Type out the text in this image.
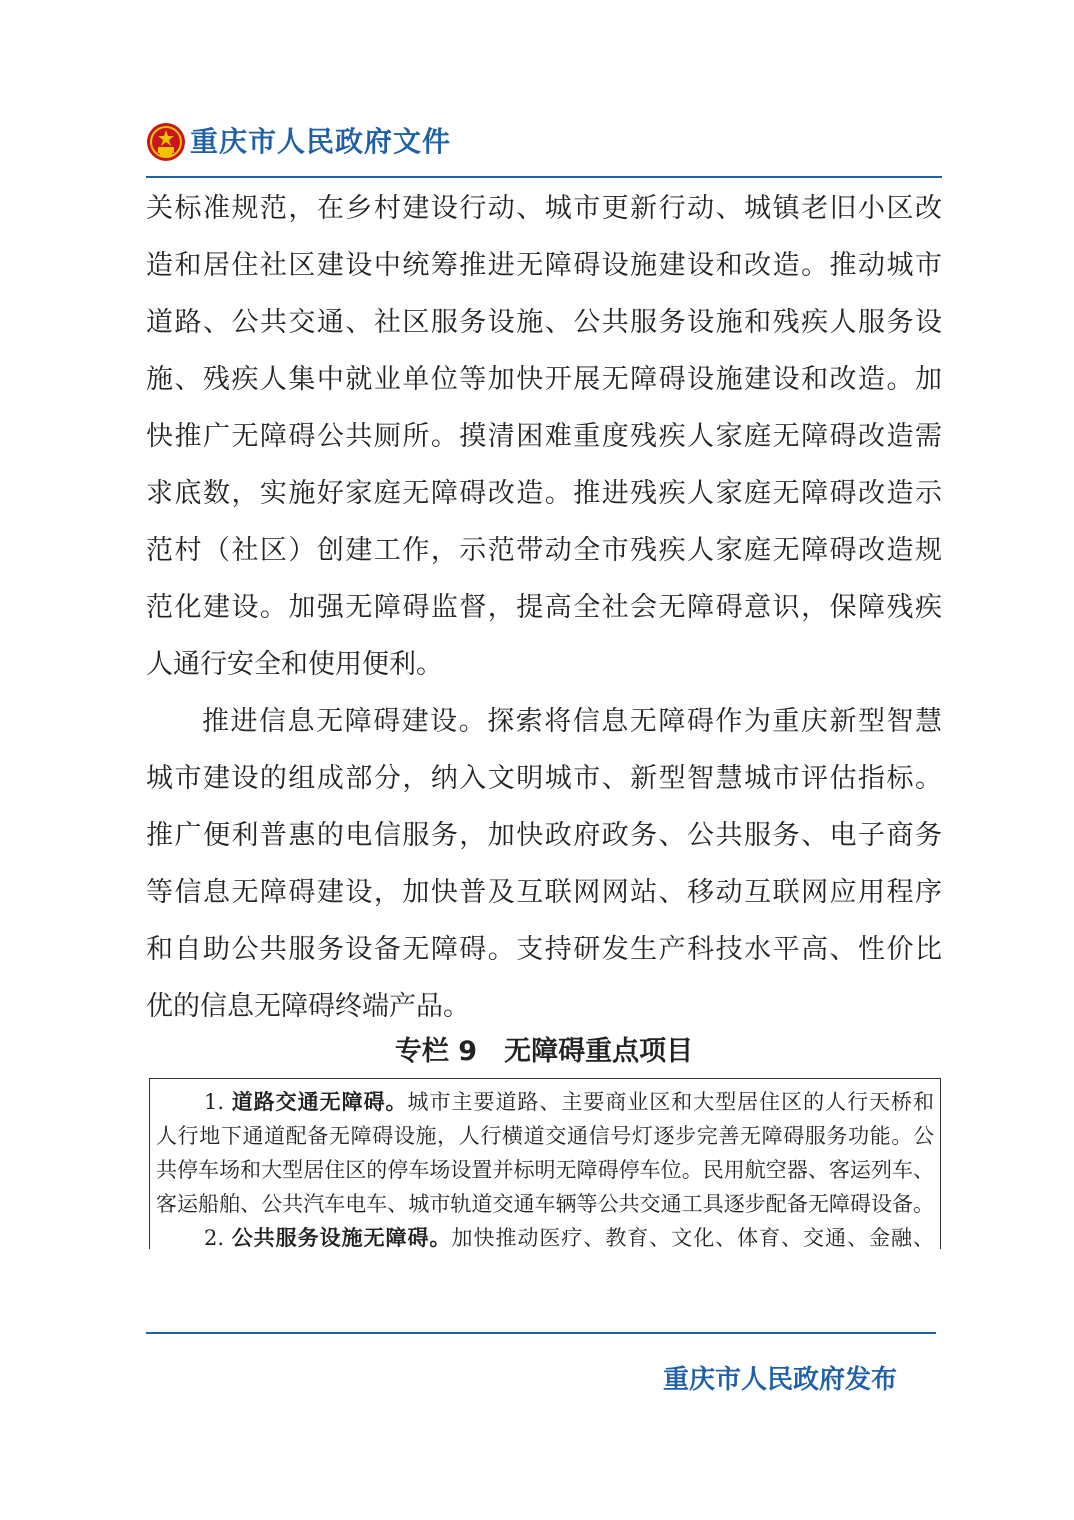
重庆市人民政府文件
关标准规范，在乡村建设行动、城市更新行动、城镇老旧小区改
造和居住社区建设中统筹推进无障碍设施建设和改造。推动城市
道路、公共交通、社区服务设施、公共服务设施和残疾人服务设
施、残疾人集中就业单位等加快开展无障碍设施建设和改造。加
快推广无障碍公共厕所。摸清困难重度残疾人家庭无障碍改造需
求底数，实施好家庭无障碍改造。推进残疾人家庭无障碍改造示
范村（社区）创建工作，示范带动全市残疾人家庭无障碍改造规
范化建设。加强无障碍监督，提高全社会无障碍意识，保障残疾
人通行安全和使用便利。
推进信息无障碍建设。探索将信息无障碍作为重庆新型智慧
城市建设的组成部分，纳入文明城市、新型智慧城市评估指标。
推广便利普惠的电信服务，加快政府政务、公共服务、电子商务
等信息无障碍建设，加快普及互联网网站、移动互联网应用程序
和自助公共服务设备无障碍。支持研发生产科技水平高、性价比
优的信息无障碍终端产品。
专栏 9　无障碍重点项目
1. 道路交通无障碍。城市主要道路、主要商业区和大型居住区的人行天桥和
人行地下通道配备无障碍设施，人行横道交通信号灯逐步完善无障碍服务功能。公
共停车场和大型居住区的停车场设置并标明无障碍停车位。民用航空器、客运列车、
客运船舶、公共汽车电车、城市轨道交通车辆等公共交通工具逐步配备无障碍设备。
2. 公共服务设施无障碍。加快推动医疗、教育、文化、体育、交通、金融、
重庆市人民政府发布
